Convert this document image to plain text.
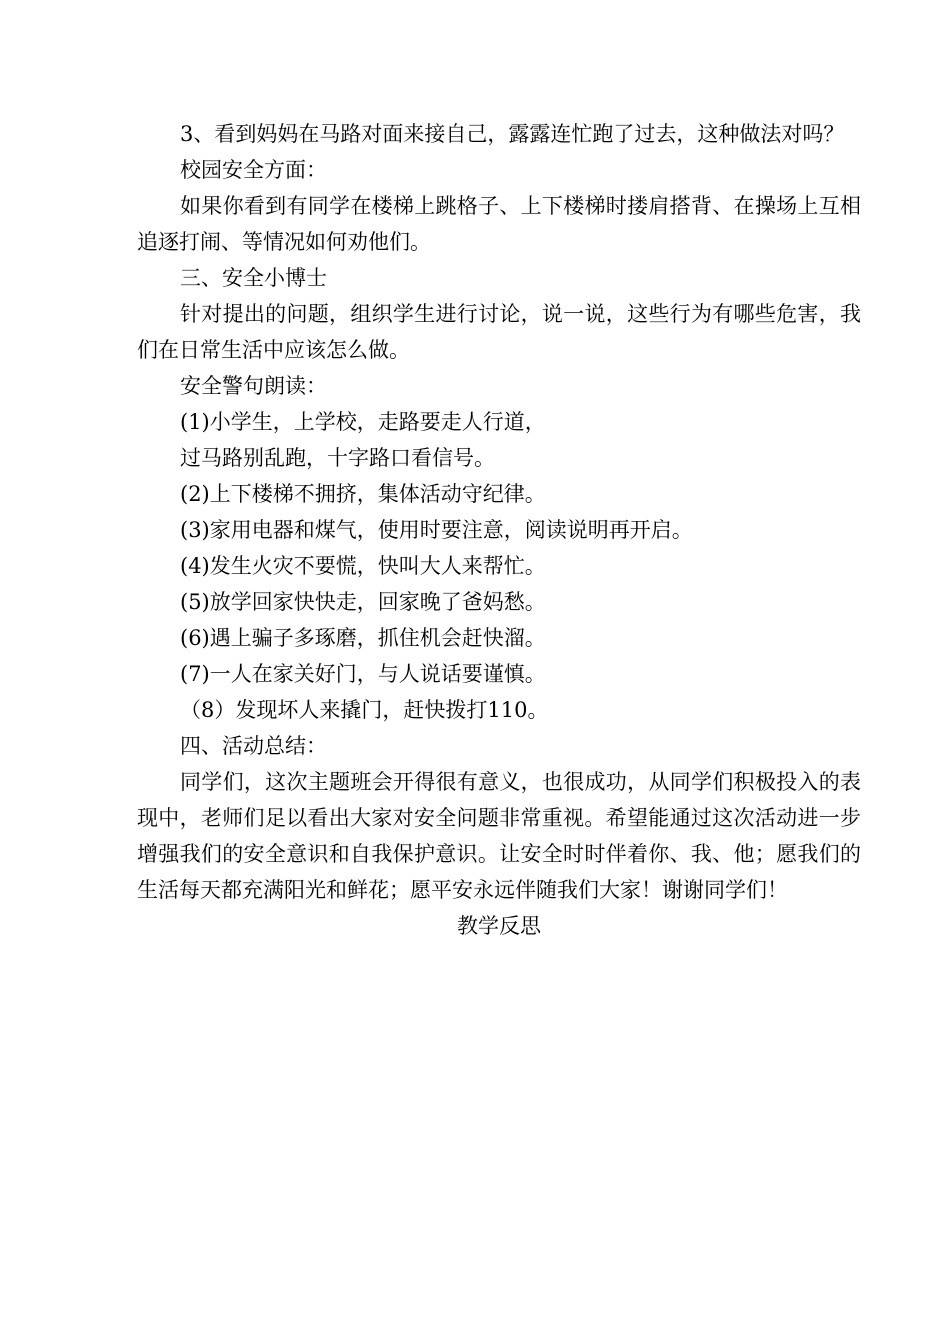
3、看到妈妈在马路对面来接自己，露露连忙跑了过去，这种做法对吗？

校园安全方面：

如果你看到有同学在楼梯上跳格子、上下楼梯时搂肩搭背、在操场上互相追逐打闹、等情况如何劝他们。

三、安全小博士

针对提出的问题，组织学生进行讨论，说一说，这些行为有哪些危害，我们在日常生活中应该怎么做。

安全警句朗读：

(1)小学生，上学校，走路要走人行道，

过马路别乱跑，十字路口看信号。

(2)上下楼梯不拥挤，集体活动守纪律。

(3)家用电器和煤气，使用时要注意，阅读说明再开启。

(4)发生火灾不要慌，快叫大人来帮忙。

(5)放学回家快快走，回家晚了爸妈愁。

(6)遇上骗子多琢磨，抓住机会赶快溜。

(7)一人在家关好门，与人说话要谨慎。

（8）发现坏人来撬门，赶快拨打110。

四、活动总结：

同学们，这次主题班会开得很有意义，也很成功，从同学们积极投入的表现中，老师们足以看出大家对安全问题非常重视。希望能通过这次活动进一步增强我们的安全意识和自我保护意识。让安全时时伴着你、我、他；愿我们的生活每天都充满阳光和鲜花；愿平安永远伴随我们大家！谢谢同学们！

教学反思
